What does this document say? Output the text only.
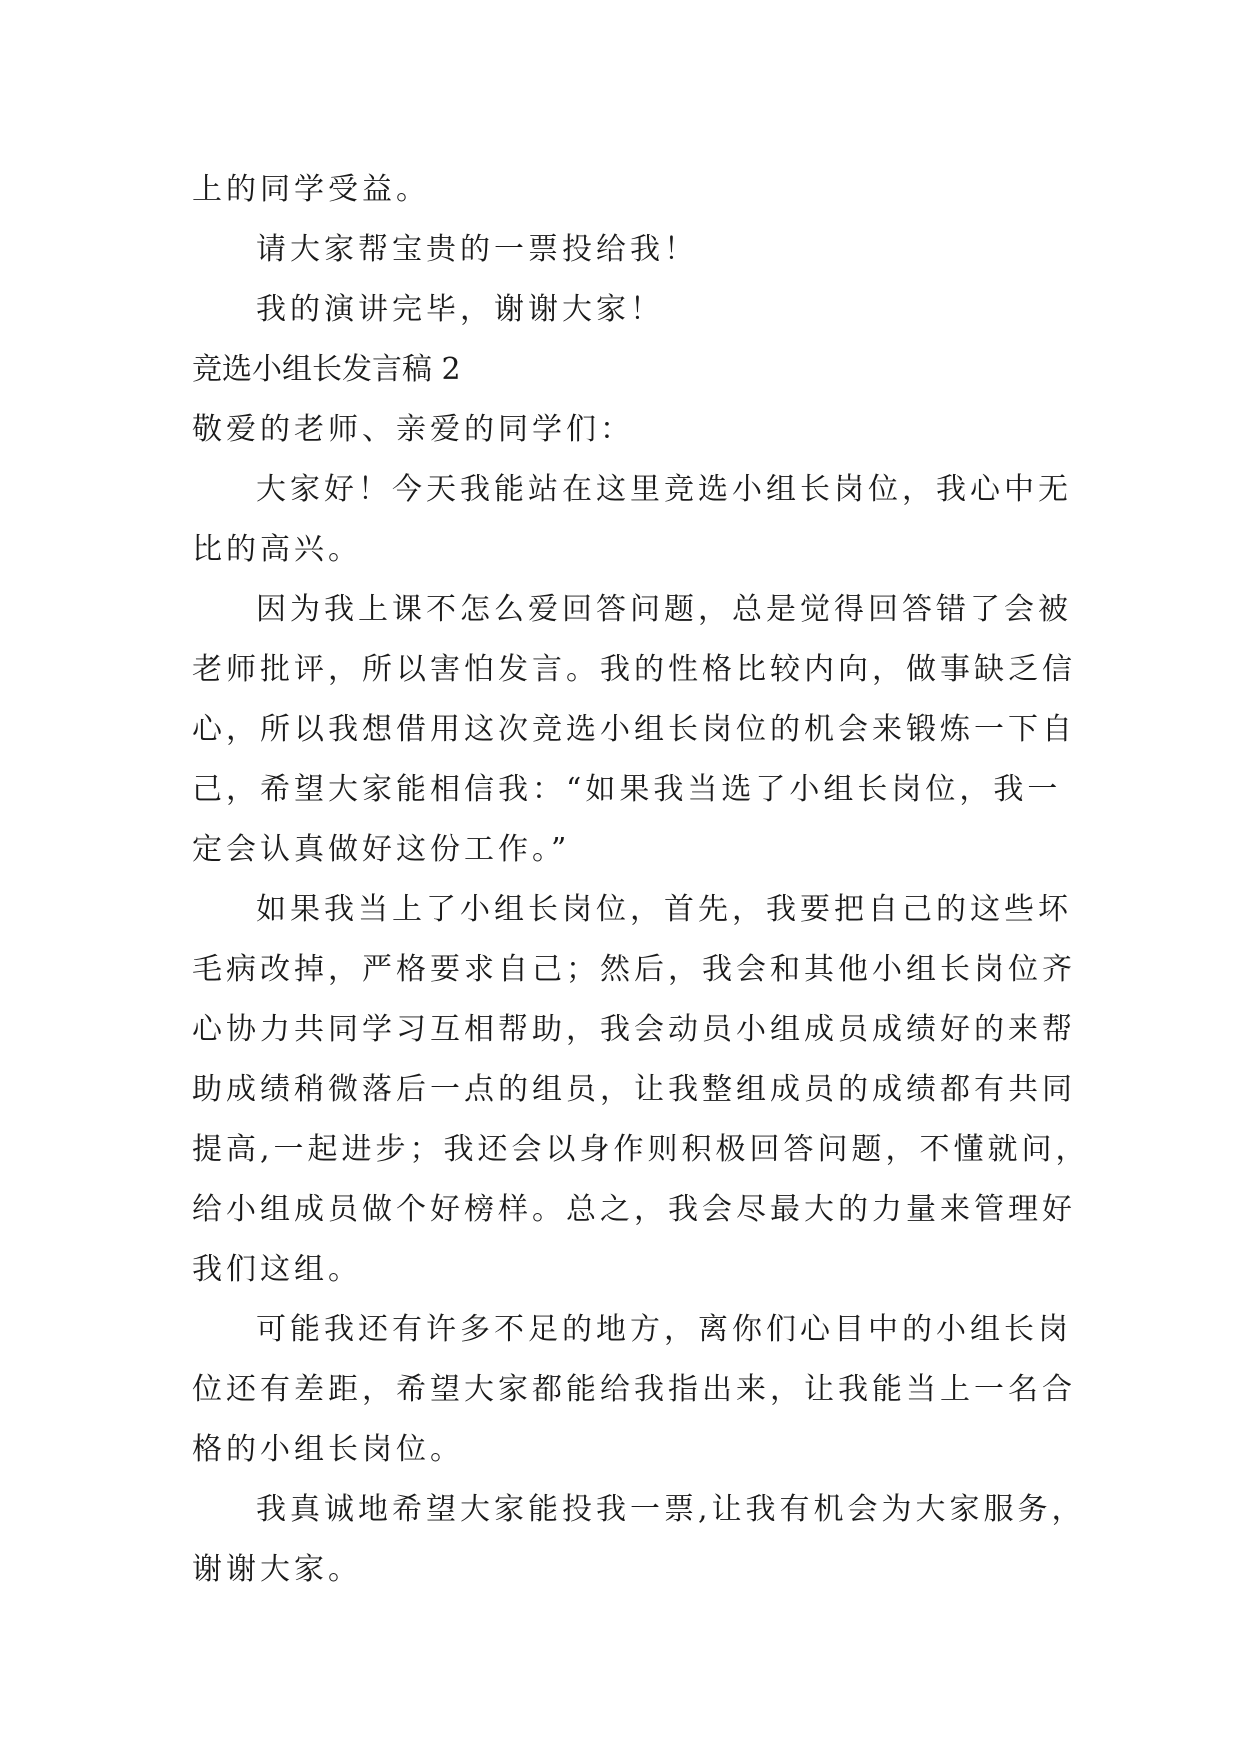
上的同学受益。
请大家帮宝贵的一票投给我！
我的演讲完毕，谢谢大家！
竞选小组长发言稿 2
敬爱的老师、亲爱的同学们：
大家好！今天我能站在这里竞选小组长岗位，我心中无
比的高兴。
因为我上课不怎么爱回答问题，总是觉得回答错了会被
老师批评，所以害怕发言。我的性格比较内向，做事缺乏信
心，所以我想借用这次竞选小组长岗位的机会来锻炼一下自
己，希望大家能相信我：“如果我当选了小组长岗位，我一
定会认真做好这份工作。”
如果我当上了小组长岗位，首先，我要把自己的这些坏
毛病改掉，严格要求自己；然后，我会和其他小组长岗位齐
心协力共同学习互相帮助，我会动员小组成员成绩好的来帮
助成绩稍微落后一点的组员，让我整组成员的成绩都有共同
提高,一起进步；我还会以身作则积极回答问题，不懂就问，
给小组成员做个好榜样。总之，我会尽最大的力量来管理好
我们这组。
可能我还有许多不足的地方，离你们心目中的小组长岗
位还有差距，希望大家都能给我指出来，让我能当上一名合
格的小组长岗位。
我真诚地希望大家能投我一票,让我有机会为大家服务，
谢谢大家。
